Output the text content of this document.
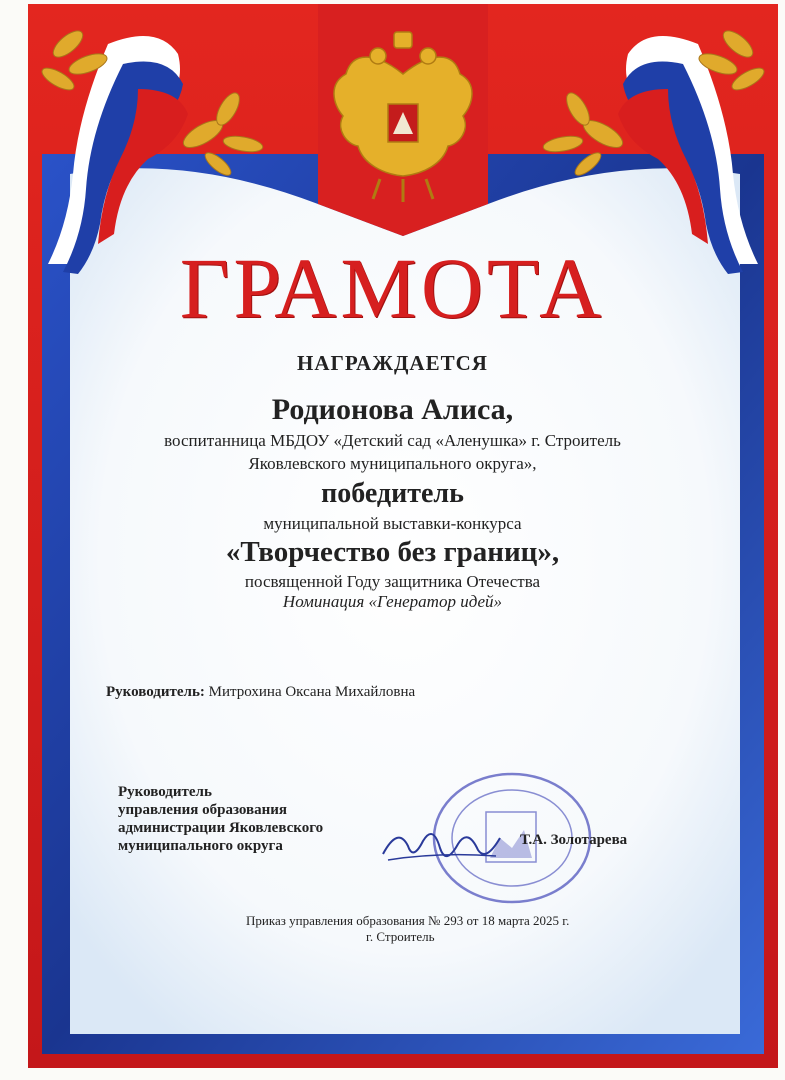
ГРАМОТА
НАГРАЖДАЕТСЯ
Родионова Алиса,
воспитанница МБДОУ «Детский сад «Аленушка» г. Строитель
Яковлевского муниципального округа»,
победитель
муниципальной выставки-конкурса
«Творчество без границ»,
посвященной Году защитника Отечества
Номинация «Генератор идей»
Руководитель: Митрохина Оксана Михайловна
Руководитель
управления образования
администрации Яковлевского
муниципального округа	Т.А. Золотарева
Приказ управления образования № 293 от 18 марта 2025 г.
г. Строитель
